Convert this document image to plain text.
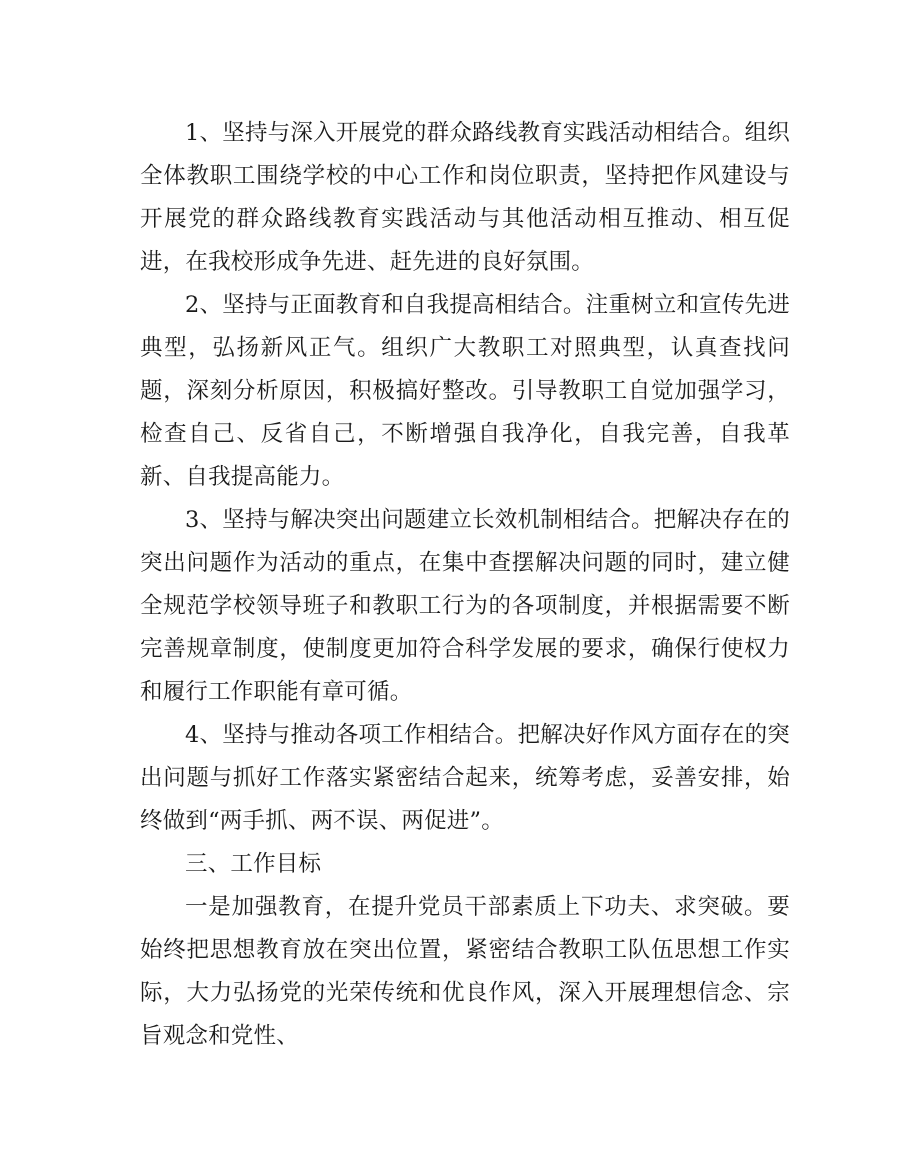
1、坚持与深入开展党的群众路线教育实践活动相结合。组织全体教职工围绕学校的中心工作和岗位职责，坚持把作风建设与开展党的群众路线教育实践活动与其他活动相互推动、相互促进，在我校形成争先进、赶先进的良好氛围。

2、坚持与正面教育和自我提高相结合。注重树立和宣传先进典型，弘扬新风正气。组织广大教职工对照典型，认真查找问题，深刻分析原因，积极搞好整改。引导教职工自觉加强学习，检查自己、反省自己，不断增强自我净化，自我完善，自我革新、自我提高能力。

3、坚持与解决突出问题建立长效机制相结合。把解决存在的突出问题作为活动的重点，在集中查摆解决问题的同时，建立健全规范学校领导班子和教职工行为的各项制度，并根据需要不断完善规章制度，使制度更加符合科学发展的要求，确保行使权力和履行工作职能有章可循。

4、坚持与推动各项工作相结合。把解决好作风方面存在的突出问题与抓好工作落实紧密结合起来，统筹考虑，妥善安排，始终做到“两手抓、两不误、两促进”。

三、工作目标

一是加强教育，在提升党员干部素质上下功夫、求突破。要始终把思想教育放在突出位置，紧密结合教职工队伍思想工作实际，大力弘扬党的光荣传统和优良作风，深入开展理想信念、宗旨观念和党性、
